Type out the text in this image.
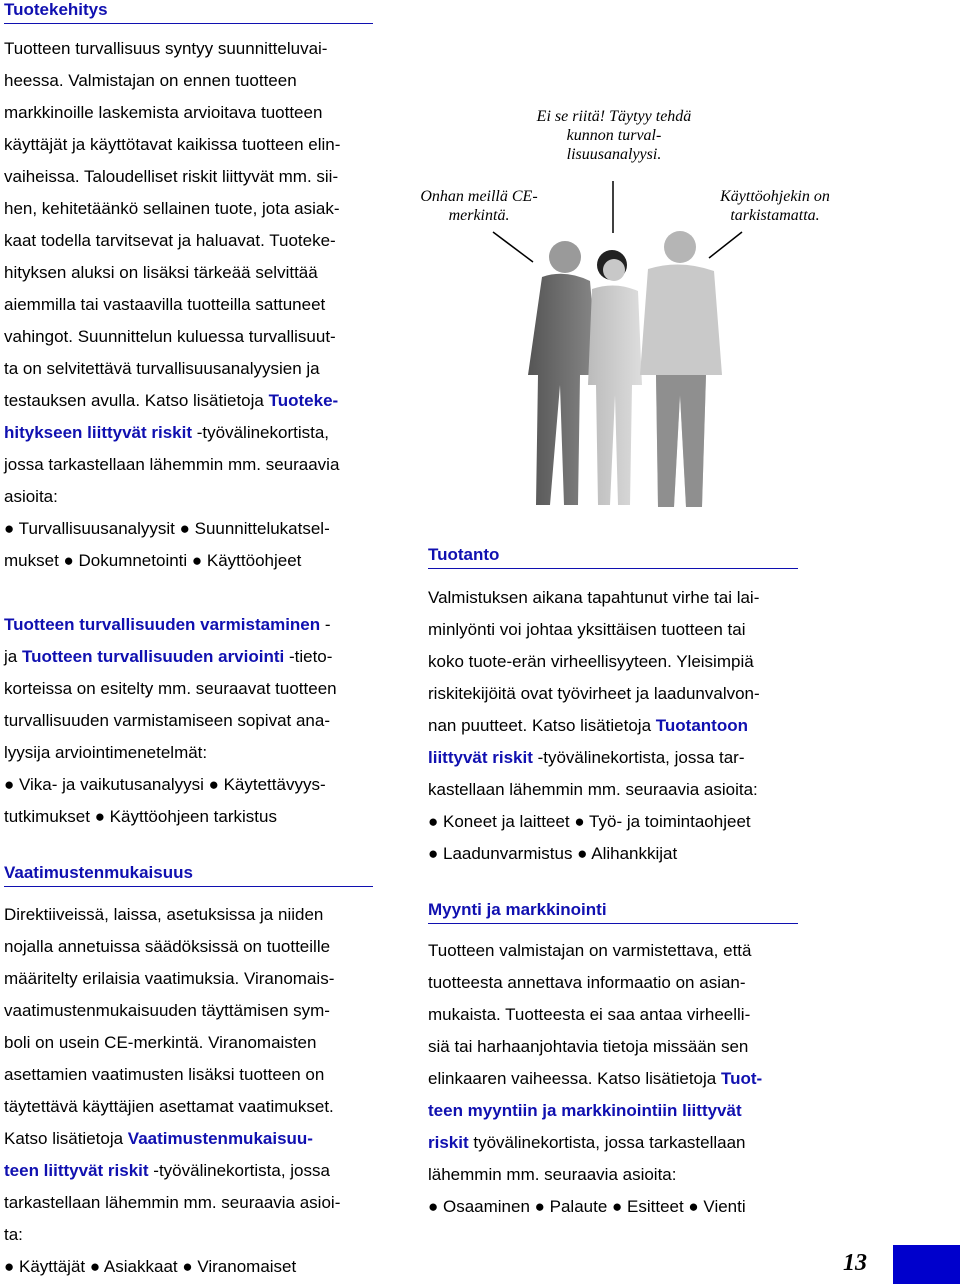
Tuotekehitys
Tuotteen turvallisuus syntyy suunnitteluvai-
heessa. Valmistajan on ennen tuotteen
markkinoille laskemista arvioitava tuotteen
käyttäjät ja käyttötavat kaikissa tuotteen elin-
vaiheissa. Taloudelliset riskit liittyvät mm. sii-
hen, kehitetäänkö sellainen tuote, jota asiak-
kaat todella tarvitsevat ja haluavat. Tuoteke-
hityksen aluksi on lisäksi tärkeää selvittää
aiemmilla tai vastaavilla tuotteilla sattuneet
vahingot. Suunnittelun kuluessa turvallisuut-
ta on selvitettävä turvallisuusanalyysien ja
testauksen avulla. Katso lisätietoja Tuoteke-
hitykseen liittyvät riskit -työvälinekortista,
jossa tarkastellaan lähemmin mm. seuraavia
asioita:
● Turvallisuusanalyysit ● Suunnittelukatsel-
mukset ● Dokumnetointi ● Käyttöohjeet
Tuotteen turvallisuuden varmistaminen -
ja Tuotteen turvallisuuden arviointi -tieto-
korteissa on esitelty mm. seuraavat tuotteen
turvallisuuden varmistamiseen sopivat ana-
lyysija arviointimenetelmät:
● Vika- ja vaikutusanalyysi ● Käytettävyys-
tutkimukset ● Käyttöohjeen tarkistus
Vaatimustenmukaisuus
Direktiiveissä, laissa, asetuksissa ja niiden
nojalla annetuissa säädöksissä on tuotteille
määritelty erilaisia vaatimuksia. Viranomais-
vaatimustenmukaisuuden täyttämisen sym-
boli on usein CE-merkintä. Viranomaisten
asettamien vaatimusten lisäksi tuotteen on
täytettävä käyttäjien asettamat vaatimukset.
Katso lisätietoja Vaatimustenmukaisuu-
teen liittyvät riskit -työvälinekortista, jossa
tarkastellaan lähemmin mm. seuraavia asioi-
ta:
● Käyttäjät ● Asiakkaat ● Viranomaiset
Onhan meillä CE-merkintä.
Ei se riitä! Täytyy tehdä kunnon turval- lisuusanalyysi.
Käyttöohjekin on tarkistamatta.
Tuotanto
Valmistuksen aikana tapahtunut virhe tai lai-
minlyönti voi johtaa yksittäisen tuotteen tai
koko tuote-erän virheellisyyteen. Yleisimpiä
riskitekijöitä ovat työvirheet ja laadunvalvon-
nan puutteet. Katso lisätietoja Tuotantoon
liittyvät riskit -työvälinekortista, jossa tar-
kastellaan lähemmin mm. seuraavia asioita:
● Koneet ja laitteet ● Työ- ja toimintaohjeet
● Laadunvarmistus ● Alihankkijat
Myynti ja markkinointi
Tuotteen valmistajan on varmistettava, että
tuotteesta annettava informaatio on asian-
mukaista. Tuotteesta ei saa antaa virheelli-
siä tai harhaanjohtavia tietoja missään sen
elinkaaren vaiheessa. Katso lisätietoja Tuot-
teen myyntiin ja markkinointiin liittyvät
riskit työvälinekortista, jossa tarkastellaan
lähemmin mm. seuraavia asioita:
● Osaaminen ● Palaute ● Esitteet ● Vienti
13
